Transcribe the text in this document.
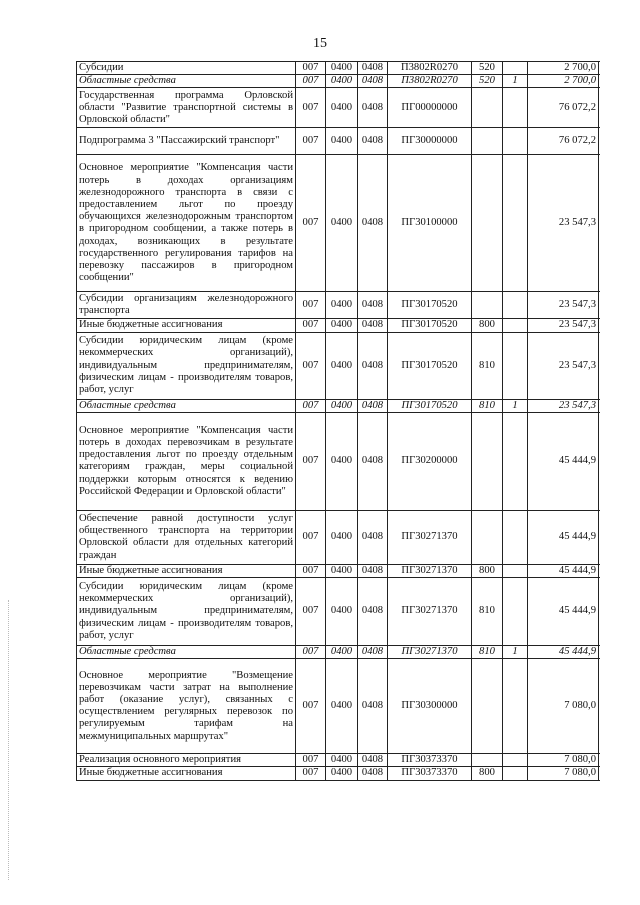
15
Субсидии	007	0400	0408	П3802R0270	520		2 700,0
Областные средства	007	0400	0408	П3802R0270	520	1	2 700,0
Государственная программа Орловской области "Развитие транспортной системы в Орловской области"	007	0400	0408	ПГ00000000			76 072,2
Подпрограмма 3 "Пассажирский транспорт"	007	0400	0408	ПГ30000000			76 072,2
Основное мероприятие "Компенсация части потерь в доходах организациям железнодорожного транспорта в связи с предоставлением льгот по проезду обучающихся железнодорожным транспортом в пригородном сообщении, а также потерь в доходах, возникающих в результате государственного регулирования тарифов на перевозку пассажиров в пригородном сообщении"	007	0400	0408	ПГ30100000			23 547,3
Субсидии организациям железнодорожного транспорта	007	0400	0408	ПГ30170520			23 547,3
Иные бюджетные ассигнования	007	0400	0408	ПГ30170520	800		23 547,3
Субсидии юридическим лицам (кроме некоммерческих организаций), индивидуальным предпринимателям, физическим лицам - производителям товаров, работ, услуг	007	0400	0408	ПГ30170520	810		23 547,3
Областные средства	007	0400	0408	ПГ30170520	810	1	23 547,3
Основное мероприятие "Компенсация части потерь в доходах перевозчикам в результате предоставления льгот по проезду отдельным категориям граждан, меры социальной поддержки которым относятся к ведению Российской Федерации и Орловской области"	007	0400	0408	ПГ30200000			45 444,9
Обеспечение равной доступности услуг общественного транспорта на территории Орловской области для отдельных категорий граждан	007	0400	0408	ПГ30271370			45 444,9
Иные бюджетные ассигнования	007	0400	0408	ПГ30271370	800		45 444,9
Субсидии юридическим лицам (кроме некоммерческих организаций), индивидуальным предпринимателям, физическим лицам - производителям товаров, работ, услуг	007	0400	0408	ПГ30271370	810		45 444,9
Областные средства	007	0400	0408	ПГ30271370	810	1	45 444,9
Основное мероприятие "Возмещение перевозчикам части затрат на выполнение работ (оказание услуг), связанных с осуществлением регулярных перевозок по регулируемым тарифам на межмуниципальных маршрутах"	007	0400	0408	ПГ30300000			7 080,0
Реализация основного мероприятия	007	0400	0408	ПГ30373370			7 080,0
Иные бюджетные ассигнования	007	0400	0408	ПГ30373370	800		7 080,0
